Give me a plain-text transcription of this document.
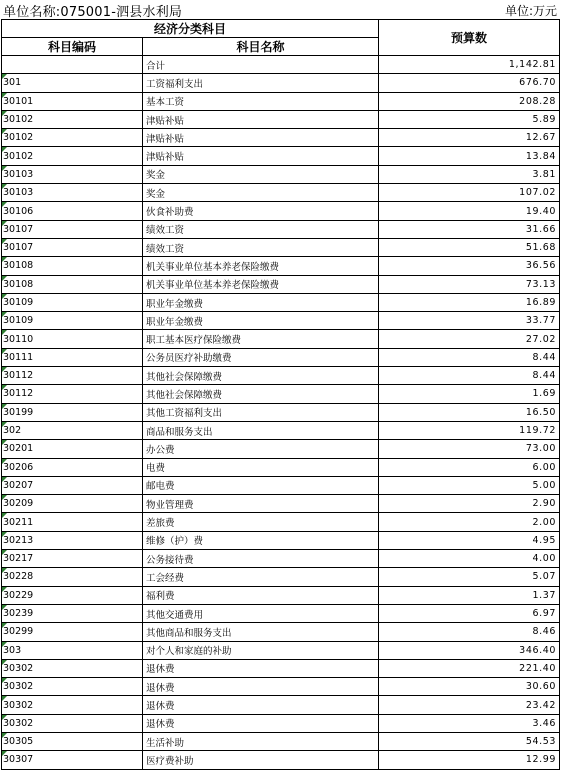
单位名称:075001-泗县水利局	单位:万元
经济分类科目		预算数
科目编码	科目名称	
	合计	1,142.81
301	工资福利支出	676.70
30101	基本工资	208.28
30102	津贴补贴	5.89
30102	津贴补贴	12.67
30102	津贴补贴	13.84
30103	奖金	3.81
30103	奖金	107.02
30106	伙食补助费	19.40
30107	绩效工资	31.66
30107	绩效工资	51.68
30108	机关事业单位基本养老保险缴费	36.56
30108	机关事业单位基本养老保险缴费	73.13
30109	职业年金缴费	16.89
30109	职业年金缴费	33.77
30110	职工基本医疗保险缴费	27.02
30111	公务员医疗补助缴费	8.44
30112	其他社会保障缴费	8.44
30112	其他社会保障缴费	1.69
30199	其他工资福利支出	16.50
302	商品和服务支出	119.72
30201	办公费	73.00
30206	电费	6.00
30207	邮电费	5.00
30209	物业管理费	2.90
30211	差旅费	2.00
30213	维修（护）费	4.95
30217	公务接待费	4.00
30228	工会经费	5.07
30229	福利费	1.37
30239	其他交通费用	6.97
30299	其他商品和服务支出	8.46
303	对个人和家庭的补助	346.40
30302	退休费	221.40
30302	退休费	30.60
30302	退休费	23.42
30302	退休费	3.46
30305	生活补助	54.53
30307	医疗费补助	12.99
